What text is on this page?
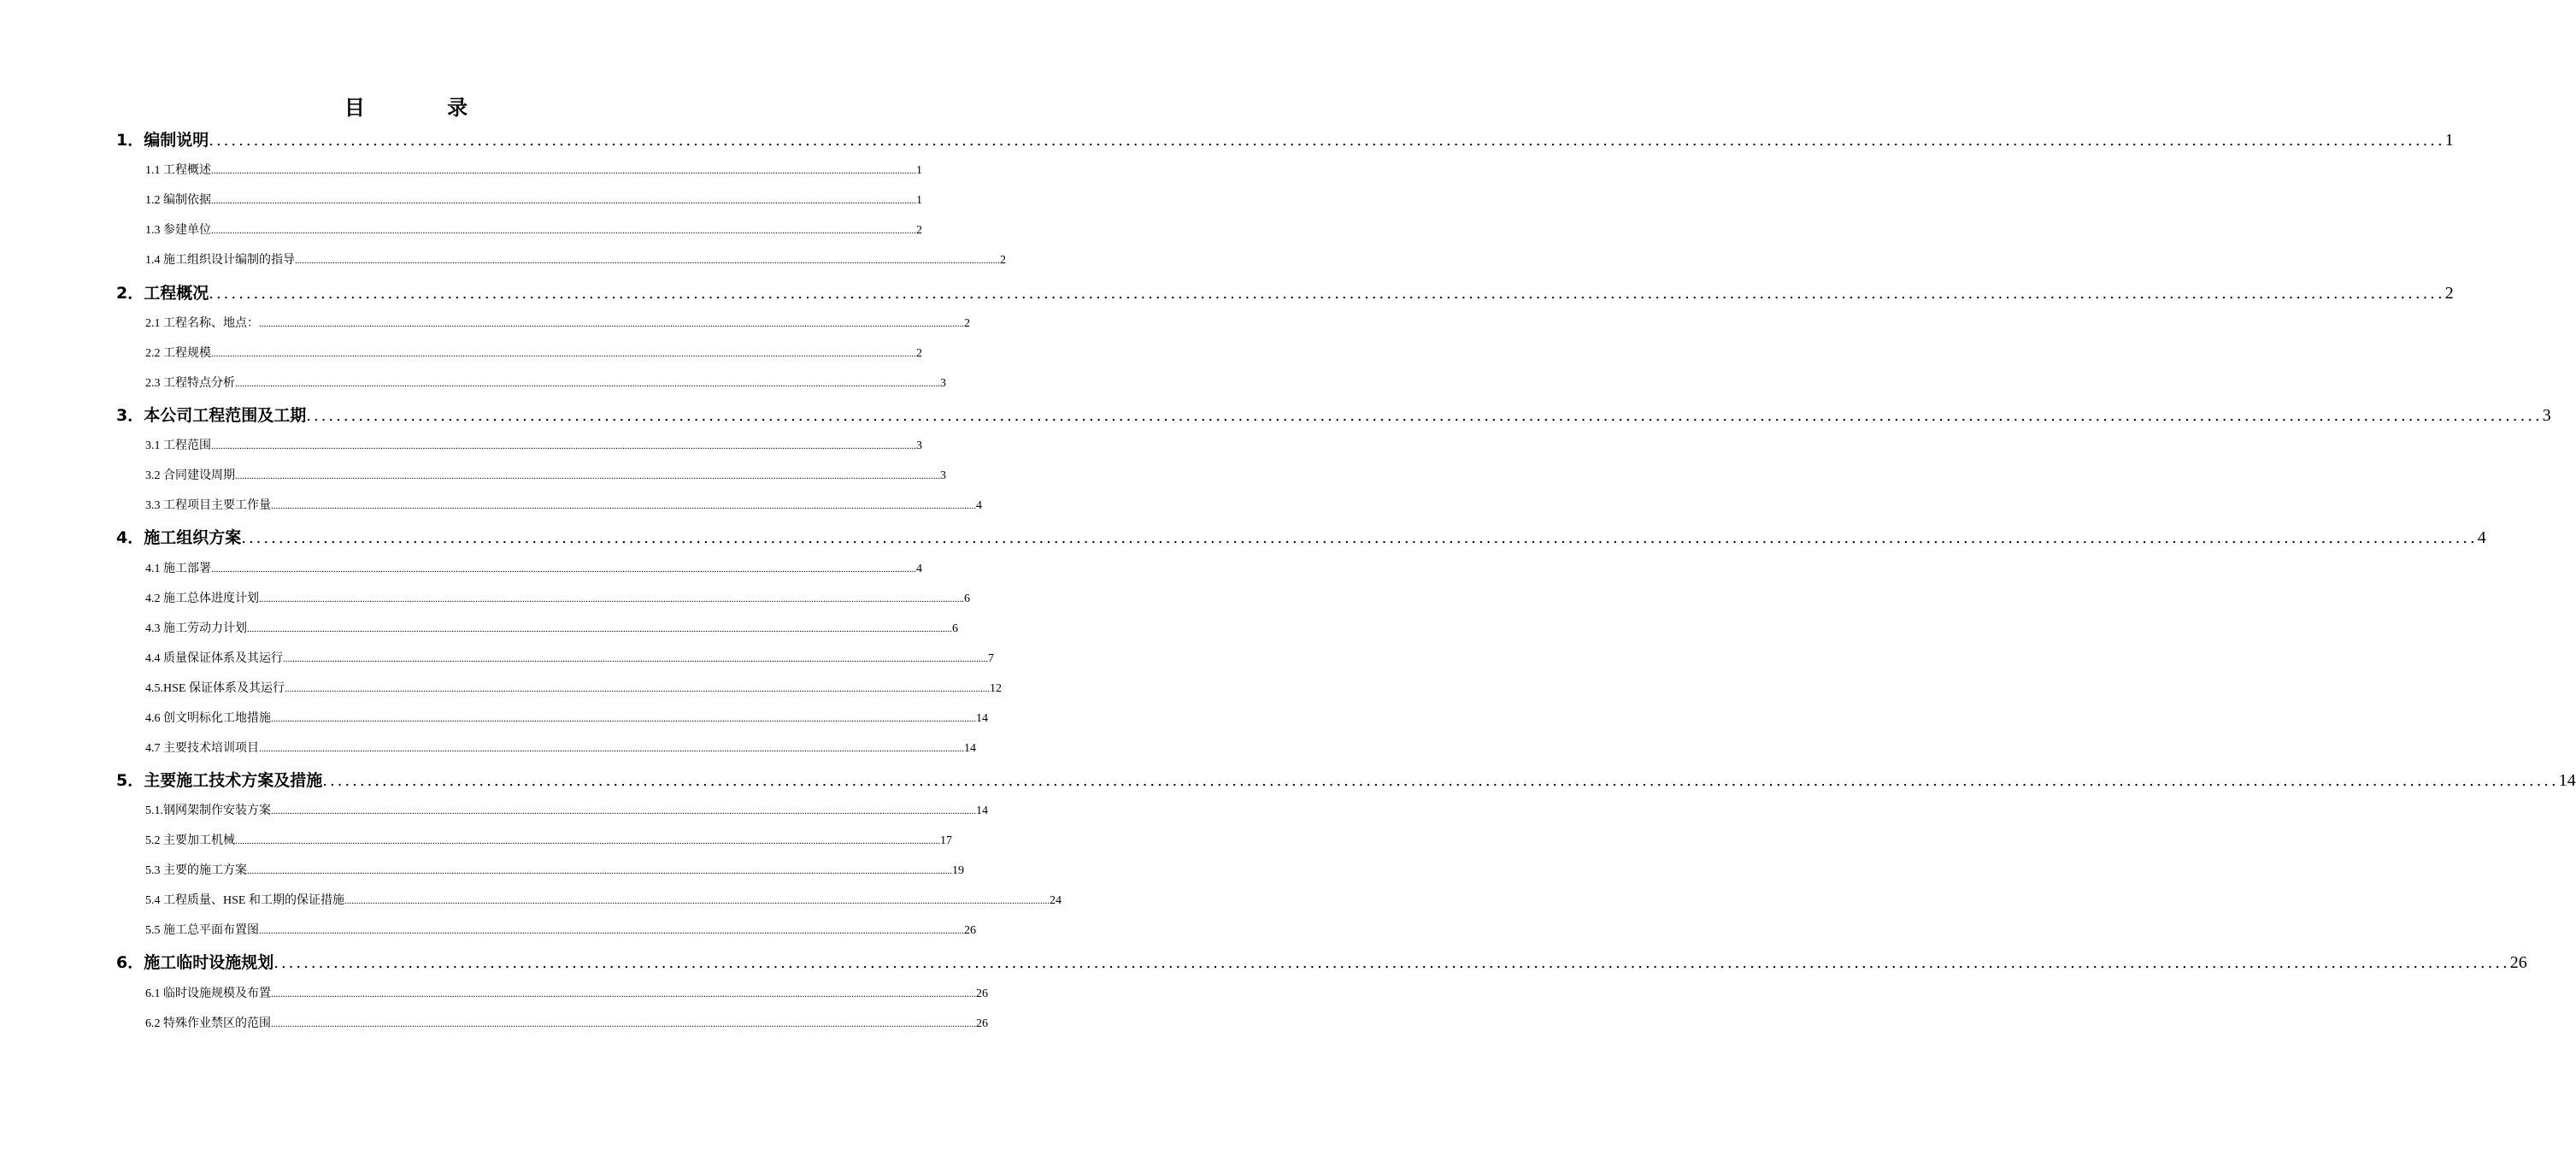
目 录
1．编制说明 ............................................................................................................................................................................................................................................................................................................ 1
1.1 工程概述 ............................................................................................................................................................................................................................................................................................................ 1
1.2 编制依据 ............................................................................................................................................................................................................................................................................................................ 1
1.3 参建单位 ............................................................................................................................................................................................................................................................................................................ 2
1.4 施工组织设计编制的指导 ............................................................................................................................................................................................................................................................................................................ 2
2．工程概况 ............................................................................................................................................................................................................................................................................................................ 2
2.1 工程名称、地点： ............................................................................................................................................................................................................................................................................................................ 2
2.2 工程规模 ............................................................................................................................................................................................................................................................................................................ 2
2.3 工程特点分析 ............................................................................................................................................................................................................................................................................................................ 3
3．本公司工程范围及工期 ............................................................................................................................................................................................................................................................................................................ 3
3.1 工程范围 ............................................................................................................................................................................................................................................................................................................ 3
3.2 合同建设周期 ............................................................................................................................................................................................................................................................................................................ 3
3.3 工程项目主要工作量 ............................................................................................................................................................................................................................................................................................................ 4
4．施工组织方案 ............................................................................................................................................................................................................................................................................................................ 4
4.1 施工部署 ............................................................................................................................................................................................................................................................................................................ 4
4.2 施工总体进度计划 ............................................................................................................................................................................................................................................................................................................ 6
4.3 施工劳动力计划 ............................................................................................................................................................................................................................................................................................................ 6
4.4 质量保证体系及其运行 ............................................................................................................................................................................................................................................................................................................ 7
4.5.HSE 保证体系及其运行 ............................................................................................................................................................................................................................................................................................................ 12
4.6 创文明标化工地措施 ............................................................................................................................................................................................................................................................................................................ 14
4.7 主要技术培训项目 ............................................................................................................................................................................................................................................................................................................ 14
5．主要施工技术方案及措施 ............................................................................................................................................................................................................................................................................................................ 14
5.1.钢网架制作安装方案 ............................................................................................................................................................................................................................................................................................................ 14
5.2 主要加工机械 ............................................................................................................................................................................................................................................................................................................ 17
5.3 主要的施工方案 ............................................................................................................................................................................................................................................................................................................ 19
5.4 工程质量、HSE 和工期的保证措施 ............................................................................................................................................................................................................................................................................................................ 24
5.5 施工总平面布置图 ............................................................................................................................................................................................................................................................................................................ 26
6．施工临时设施规划 ............................................................................................................................................................................................................................................................................................................ 26
6.1 临时设施规模及布置 ............................................................................................................................................................................................................................................................................................................ 26
6.2 特殊作业禁区的范围 ............................................................................................................................................................................................................................................................................................................ 26
